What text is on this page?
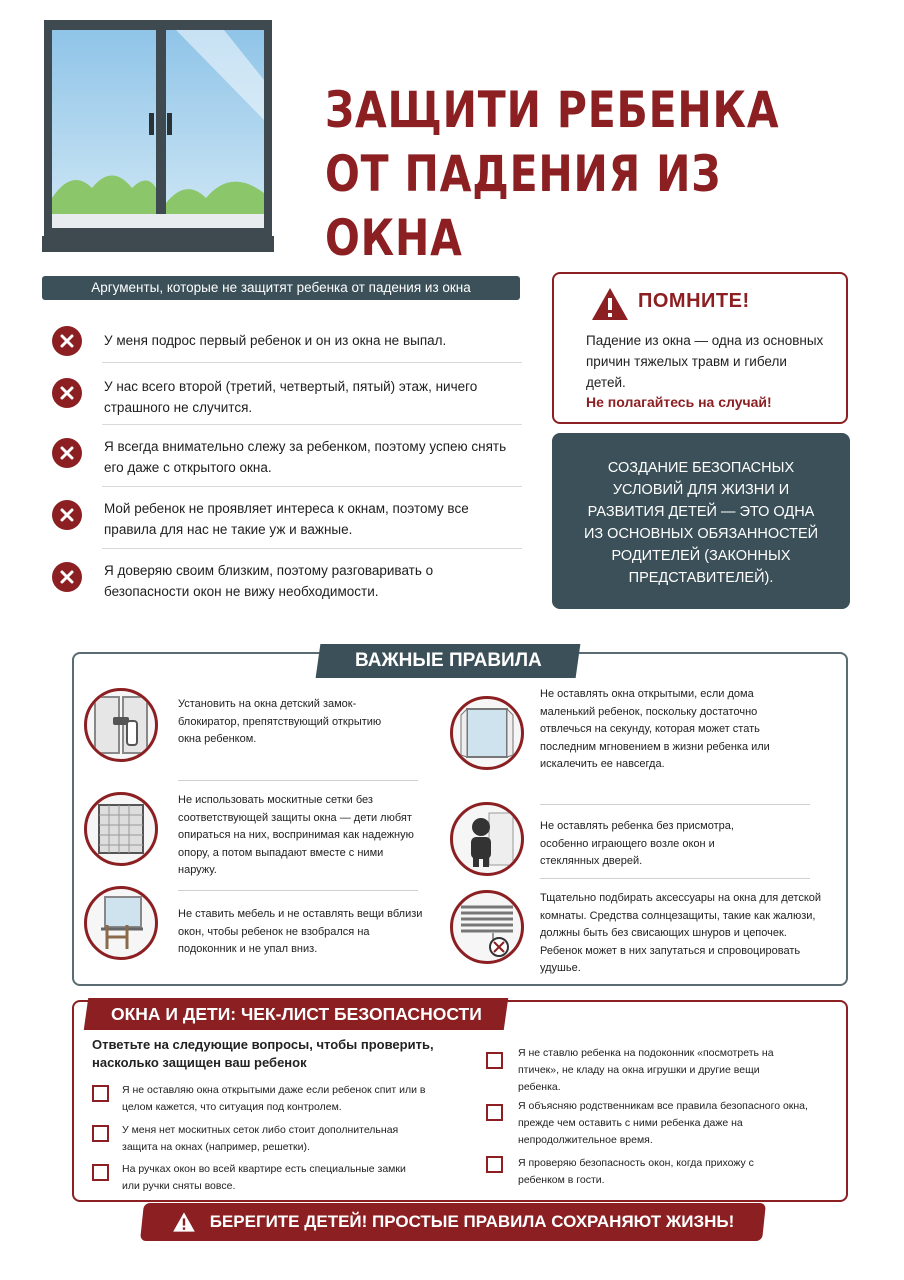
ЗАЩИТИ РЕБЕНКА
ОТ ПАДЕНИЯ ИЗ ОКНА
Аргументы, которые не защитят ребенка от падения из окна
У меня подрос первый ребенок и он из окна не выпал.
У нас всего второй (третий, четвертый, пятый) этаж, ничего страшного не случится.
Я всегда внимательно слежу за ребенком, поэтому успею снять его даже с открытого окна.
Мой ребенок не проявляет интереса к окнам, поэтому все правила для нас не такие уж и важные.
Я доверяю своим близким, поэтому разговаривать о безопасности окон не вижу необходимости.
ПОМНИТЕ!
Падение из окна — одна из основных причин тяжелых травм и гибели детей.
Не полагайтесь на случай!
СОЗДАНИЕ БЕЗОПАСНЫХ УСЛОВИЙ ДЛЯ ЖИЗНИ И РАЗВИТИЯ ДЕТЕЙ — ЭТО ОДНА ИЗ ОСНОВНЫХ ОБЯЗАННОСТЕЙ РОДИТЕЛЕЙ (ЗАКОННЫХ ПРЕДСТАВИТЕЛЕЙ).
Установить на окна детский замок-блокиратор, препятствующий открытию окна ребенком.
Не использовать москитные сетки без соответствующей защиты окна — дети любят опираться на них, воспринимая как надежную опору, а потом выпадают вместе с ними наружу.
Не ставить мебель и не оставлять вещи вблизи окон, чтобы ребенок не взобрался на подоконник и не упал вниз.
Не оставлять окна открытыми, если дома маленький ребенок, поскольку достаточно отвлечься на секунду, которая может стать последним мгновением в жизни ребенка или искалечить ее навсегда.
Не оставлять ребенка без присмотра, особенно играющего возле окон и стеклянных дверей.
Тщательно подбирать аксессуары на окна для детской комнаты. Средства солнцезащиты, такие как жалюзи, должны быть без свисающих шнуров и цепочек. Ребенок может в них запутаться и спровоцировать удушье.
ВАЖНЫЕ ПРАВИЛА
ОКНА И ДЕТИ: ЧЕК-ЛИСТ БЕЗОПАСНОСТИ
Ответьте на следующие вопросы, чтобы проверить, насколько защищен ваш ребенок
Я не оставляю окна открытыми даже если ребенок спит или в целом кажется, что ситуация под контролем.
У меня нет москитных сеток либо стоит дополнительная защита на окнах (например, решетки).
На ручках окон во всей квартире есть специальные замки или ручки сняты вовсе.
Я не ставлю ребенка на подоконник «посмотреть на птичек», не кладу на окна игрушки и другие вещи ребенка.
Я объясняю родственникам все правила безопасного окна, прежде чем оставить с ними ребенка даже на непродолжительное время.
Я проверяю безопасность окон, когда прихожу с ребенком в гости.
БЕРЕГИТЕ ДЕТЕЙ! ПРОСТЫЕ ПРАВИЛА СОХРАНЯЮТ ЖИЗНЬ!
